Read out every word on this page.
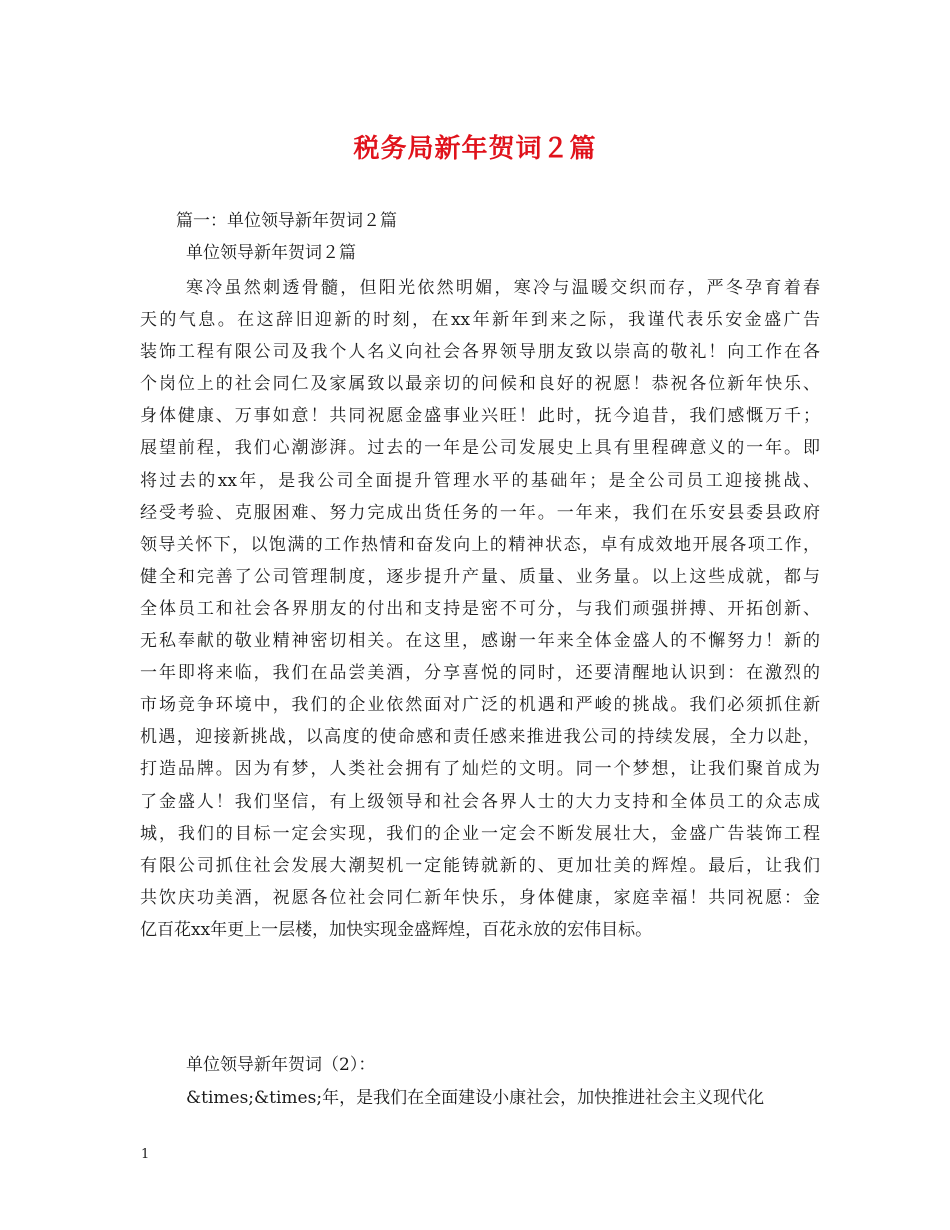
税务局新年贺词２篇
篇一：单位领导新年贺词２篇
单位领导新年贺词２篇
寒冷虽然刺透骨髓，但阳光依然明媚，寒冷与温暖交织而存，严冬孕育着春
天的气息。在这辞旧迎新的时刻，在xx年新年到来之际，我谨代表乐安金盛广告
装饰工程有限公司及我个人名义向社会各界领导朋友致以崇高的敬礼！向工作在各
个岗位上的社会同仁及家属致以最亲切的问候和良好的祝愿！恭祝各位新年快乐、
身体健康、万事如意！共同祝愿金盛事业兴旺！此时，抚今追昔，我们感慨万千；
展望前程，我们心潮澎湃。过去的一年是公司发展史上具有里程碑意义的一年。即
将过去的xx年，是我公司全面提升管理水平的基础年；是全公司员工迎接挑战、
经受考验、克服困难、努力完成出货任务的一年。一年来，我们在乐安县委县政府
领导关怀下，以饱满的工作热情和奋发向上的精神状态，卓有成效地开展各项工作，
健全和完善了公司管理制度，逐步提升产量、质量、业务量。以上这些成就，都与
全体员工和社会各界朋友的付出和支持是密不可分，与我们顽强拼搏、开拓创新、
无私奉献的敬业精神密切相关。在这里，感谢一年来全体金盛人的不懈努力！新的
一年即将来临，我们在品尝美酒，分享喜悦的同时，还要清醒地认识到：在激烈的
市场竞争环境中，我们的企业依然面对广泛的机遇和严峻的挑战。我们必须抓住新
机遇，迎接新挑战，以高度的使命感和责任感来推进我公司的持续发展，全力以赴，
打造品牌。因为有梦，人类社会拥有了灿烂的文明。同一个梦想，让我们聚首成为
了金盛人！我们坚信，有上级领导和社会各界人士的大力支持和全体员工的众志成
城，我们的目标一定会实现，我们的企业一定会不断发展壮大，金盛广告装饰工程
有限公司抓住社会发展大潮契机一定能铸就新的、更加壮美的辉煌。最后，让我们
共饮庆功美酒，祝愿各位社会同仁新年快乐，身体健康，家庭幸福！共同祝愿：金
亿百花xx年更上一层楼，加快实现金盛辉煌，百花永放的宏伟目标。
单位领导新年贺词（2）：
&times;&times;年，是我们在全面建设小康社会，加快推进社会主义现代化
1
